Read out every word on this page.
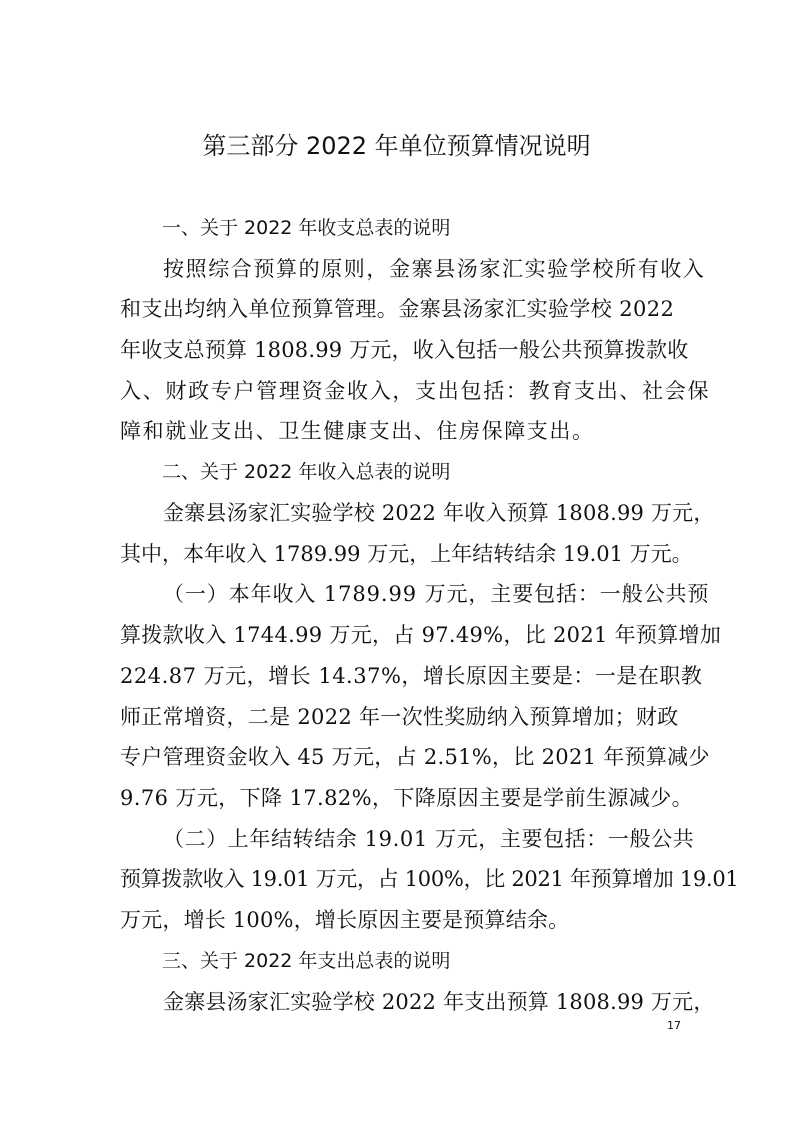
第三部分 2022 年单位预算情况说明
一、关于 2022 年收支总表的说明
按照综合预算的原则，金寨县汤家汇实验学校所有收入
和支出均纳入单位预算管理。金寨县汤家汇实验学校 2022
年收支总预算 1808.99 万元，收入包括一般公共预算拨款收
入、财政专户管理资金收入，支出包括：教育支出、社会保
障和就业支出、卫生健康支出、住房保障支出。
二、关于 2022 年收入总表的说明
金寨县汤家汇实验学校 2022 年收入预算 1808.99 万元，
其中，本年收入 1789.99 万元，上年结转结余 19.01 万元。
（一）本年收入 1789.99 万元，主要包括：一般公共预
算拨款收入 1744.99 万元，占 97.49%，比 2021 年预算增加
224.87 万元，增长 14.37%，增长原因主要是：一是在职教
师正常增资，二是 2022 年一次性奖励纳入预算增加；财政
专户管理资金收入 45 万元，占 2.51%，比 2021 年预算减少
9.76 万元，下降 17.82%，下降原因主要是学前生源减少。
（二）上年结转结余 19.01 万元，主要包括：一般公共
预算拨款收入 19.01 万元，占 100%，比 2021 年预算增加 19.01
万元，增长 100%，增长原因主要是预算结余。
三、关于 2022 年支出总表的说明
金寨县汤家汇实验学校 2022 年支出预算 1808.99 万元，
17
